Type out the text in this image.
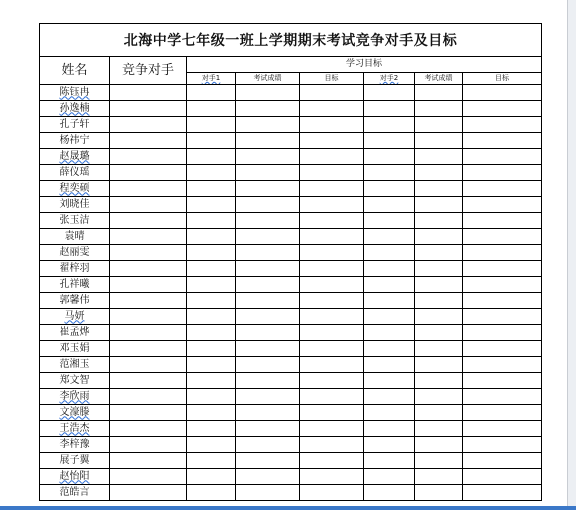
北海中学七年级一班上学期期末考试竞争对手及目标							
姓名	竞争对手	学习目标					
		对手1	考试成绩	目标	对手2	考试成绩	目标
陈钰冉							
孙逸楠							
孔子轩							
杨祎宁							
赵晟璐							
薛仪瑶							
程奕硕							
刘晓佳							
张玉洁							
袁晴							
赵丽雯							
翟梓羽							
孔祥曦							
郭馨伟							
马妍							
崔孟烨							
邓玉娟							
范湘玉							
郑文智							
李欣雨							
文濠滕							
王浩杰							
李梓豫							
展子翼							
赵怡阳							
范皓言							
